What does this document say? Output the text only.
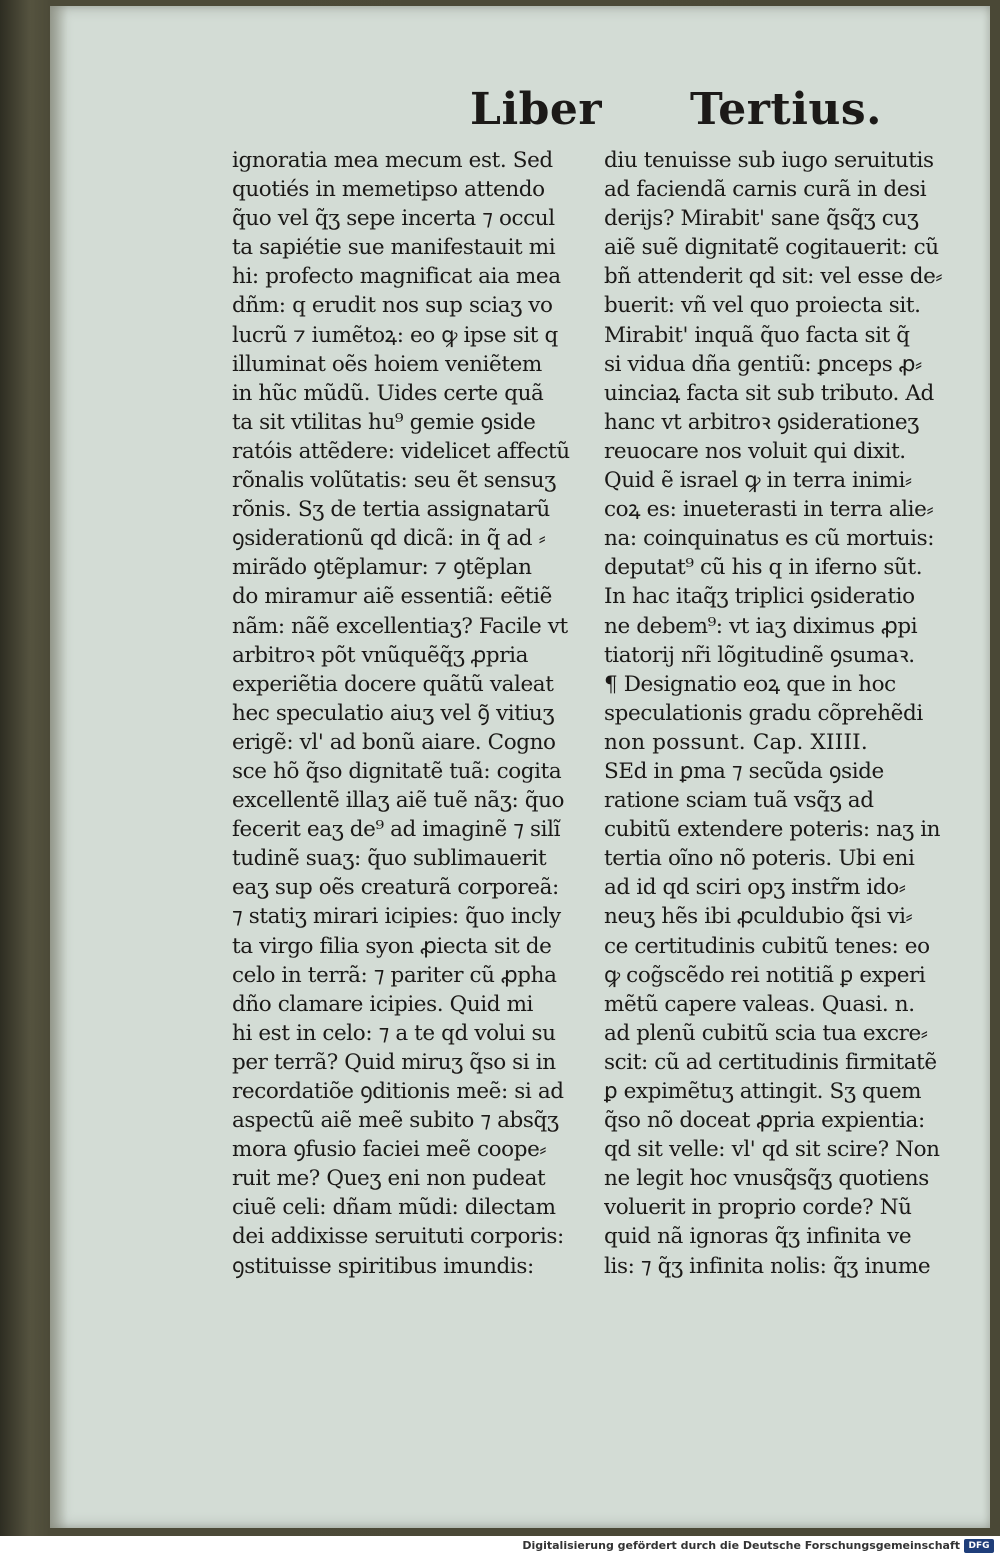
Liber Tertius.
ignoratia mea mecum est. Sed
quotiés in memetipso attendo
q̃uo vel q̃ʒ sepe incerta ⁊ occul
ta sapiétie sue manifestauit mi
hi: profecto magnificat aia mea
dñm: q erudit nos sup sciaʒ vo
lucrũ ⁊ iumẽtoꝝ: eo ꝙ ipse sit q
illuminat oẽs hoiem veniẽtem
in hũc mũdũ. Uides certe quã
ta sit vtilitas hu⁹ gemie ꝯside
ratóis attẽdere: videlicet affectũ
rõnalis volũtatis: seu ẽt sensuʒ
rõnis. Sʒ de tertia assignatarũ
ꝯsiderationũ qd dicã: in q̃ ad ⸗
mirãdo ꝯtẽplamur: ⁊ ꝯtẽplan
do miramur aiẽ essentiã: eẽtiẽ
nãm: nãẽ excellentiaʒ? Facile vt
arbitroꝛ põt vnũquẽq̃ʒ ꝓpria
experiẽtia docere quãtũ valeat
hec speculatio aiuʒ vel ꝯ̃ vitiuʒ
erigẽ: vl' ad bonũ aiare. Cogno
sce hõ q̃so dignitatẽ tuã: cogita
excellentẽ illaʒ aiẽ tuẽ nãʒ: q̃uo
fecerit eaʒ de⁹ ad imaginẽ ⁊ silĩ
tudinẽ suaʒ: q̃uo sublimauerit
eaʒ sup oẽs creaturã corporeã:
⁊ statiʒ mirari icipies: q̃uo incly
ta virgo filia syon ꝓiecta sit de
celo in terrã: ⁊ pariter cũ ꝓpha
dño clamare icipies. Quid mi
hi est in celo: ⁊ a te qd volui su
per terrã? Quid miruʒ q̃so si in
recordatiõe ꝯditionis meẽ: si ad
aspectũ aiẽ meẽ subito ⁊ absq̃ʒ
mora ꝯfusio faciei meẽ coope⸗
ruit me? Queʒ eni non pudeat
ciuẽ celi: dñam mũdi: dilectam
dei addixisse seruituti corporis:
ꝯstituisse spiritibus imundis:
diu tenuisse sub iugo seruitutis
ad faciendã carnis curã in desi
derijs? Mirabit' sane q̃sq̃ʒ cuʒ
aiẽ suẽ dignitatẽ cogitauerit: cũ
bñ attenderit qd sit: vel esse de⸗
buerit: vñ vel quo proiecta sit.
Mirabit' inquã q̃uo facta sit q̃
si vidua dña gentiũ: ꝑnceps ꝓ⸗
uinciaꝝ facta sit sub tributo. Ad
hanc vt arbitroꝛ ꝯsiderationeʒ
reuocare nos voluit qui dixit.
Quid ẽ israel ꝙ in terra inimi⸗
coꝝ es: inueterasti in terra alie⸗
na: coinquinatus es cũ mortuis:
deputat⁹ cũ his q in iferno sũt.
In hac itaq̃ʒ triplici ꝯsideratio
ne debem⁹: vt iaʒ diximus ꝓpi
tiatorij nr̃i lõgitudinẽ ꝯsumaꝛ.
¶ Designatio eoꝝ que in hoc
speculationis gradu cõprehẽdi
non possunt. Cap. XIIII.
SEd in ꝑma ⁊ secũda ꝯside
ratione sciam tuã vsq̃ʒ ad
cubitũ extendere poteris: naʒ in
tertia oĩno nõ poteris. Ubi eni
ad id qd sciri opʒ instr̃m ido⸗
neuʒ hẽs ibi ꝓculdubio q̃si vi⸗
ce certitudinis cubitũ tenes: eo
ꝙ cog̃scẽdo rei notitiã ꝑ experi
mẽtũ capere valeas. Quasi. n.
ad plenũ cubitũ scia tua excre⸗
scit: cũ ad certitudinis firmitatẽ
ꝑ expimẽtuʒ attingit. Sʒ quem
q̃so nõ doceat ꝓpria expientia:
qd sit velle: vl' qd sit scire? Non
ne legit hoc vnusq̃sq̃ʒ quotiens
voluerit in proprio corde? Nũ
quid nã ignoras q̃ʒ infinita ve
lis: ⁊ q̃ʒ infinita nolis: q̃ʒ inume
Digitalisierung gefördert durch die Deutsche Forschungsgemeinschaft DFG
